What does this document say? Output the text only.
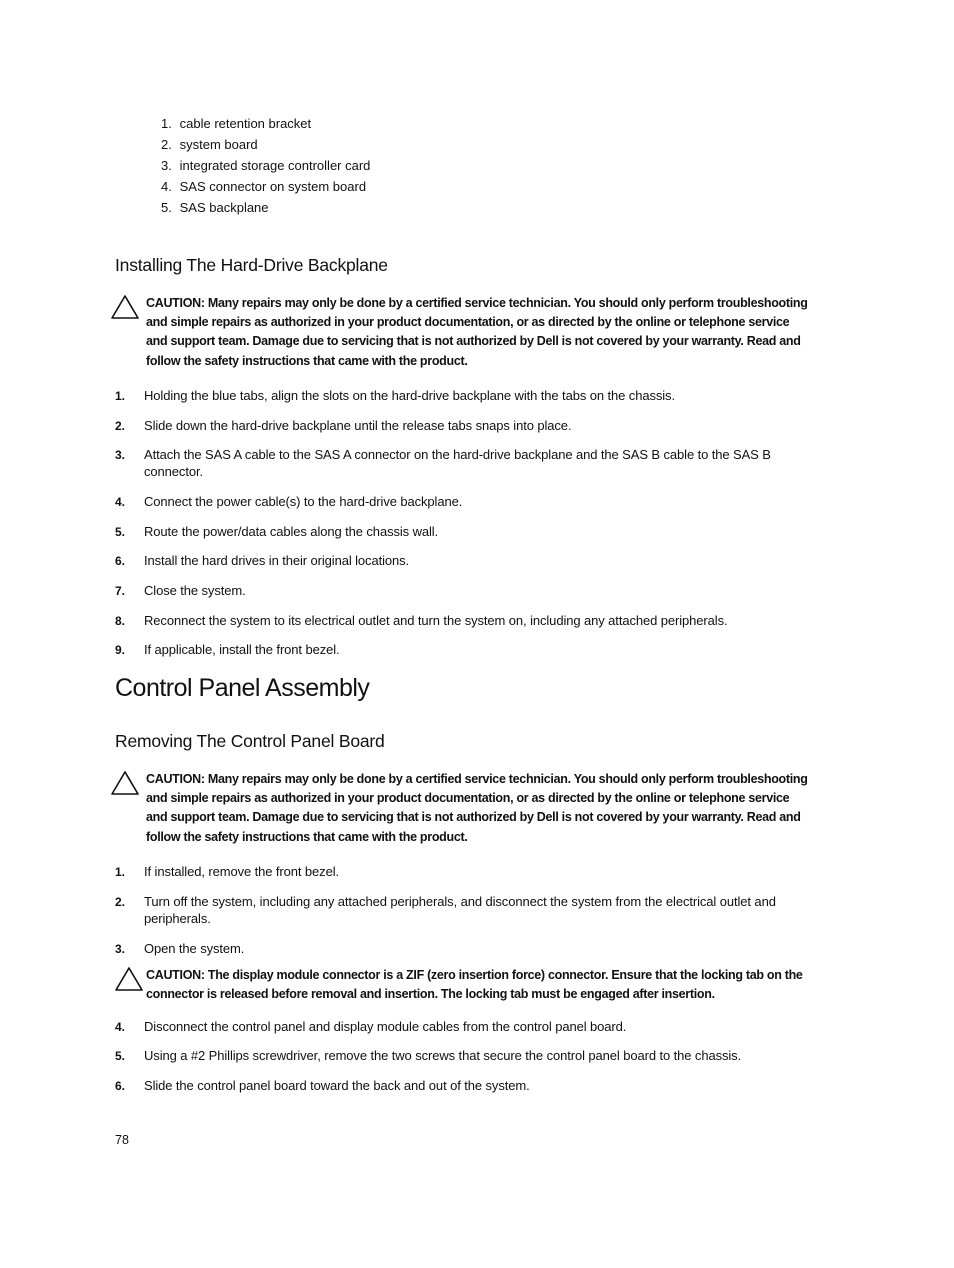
1. cable retention bracket
2. system board
3. integrated storage controller card
4. SAS connector on system board
5. SAS backplane
Installing The Hard-Drive Backplane
CAUTION: Many repairs may only be done by a certified service technician. You should only perform troubleshooting and simple repairs as authorized in your product documentation, or as directed by the online or telephone service and support team. Damage due to servicing that is not authorized by Dell is not covered by your warranty. Read and follow the safety instructions that came with the product.
1. Holding the blue tabs, align the slots on the hard-drive backplane with the tabs on the chassis.
2. Slide down the hard-drive backplane until the release tabs snaps into place.
3. Attach the SAS A cable to the SAS A connector on the hard-drive backplane and the SAS B cable to the SAS B connector.
4. Connect the power cable(s) to the hard-drive backplane.
5. Route the power/data cables along the chassis wall.
6. Install the hard drives in their original locations.
7. Close the system.
8. Reconnect the system to its electrical outlet and turn the system on, including any attached peripherals.
9. If applicable, install the front bezel.
Control Panel Assembly
Removing The Control Panel Board
CAUTION: Many repairs may only be done by a certified service technician. You should only perform troubleshooting and simple repairs as authorized in your product documentation, or as directed by the online or telephone service and support team. Damage due to servicing that is not authorized by Dell is not covered by your warranty. Read and follow the safety instructions that came with the product.
1. If installed, remove the front bezel.
2. Turn off the system, including any attached peripherals, and disconnect the system from the electrical outlet and peripherals.
3. Open the system.
CAUTION: The display module connector is a ZIF (zero insertion force) connector. Ensure that the locking tab on the connector is released before removal and insertion. The locking tab must be engaged after insertion.
4. Disconnect the control panel and display module cables from the control panel board.
5. Using a #2 Phillips screwdriver, remove the two screws that secure the control panel board to the chassis.
6. Slide the control panel board toward the back and out of the system.
78
